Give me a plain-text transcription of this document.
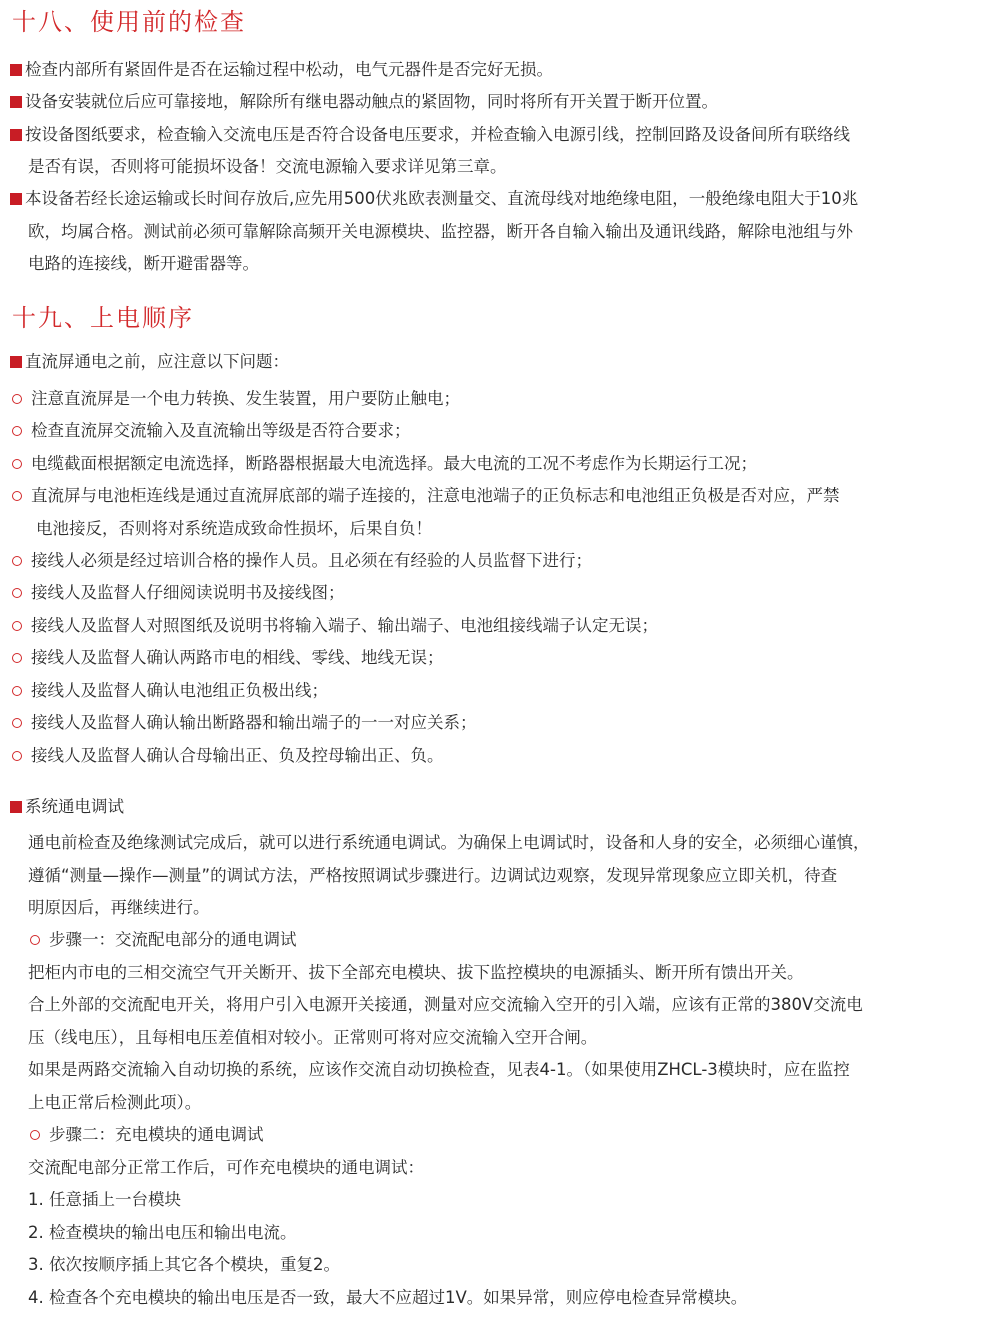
十八、使用前的检查

检查内部所有紧固件是否在运输过程中松动，电气元器件是否完好无损。

设备安装就位后应可靠接地，解除所有继电器动触点的紧固物，同时将所有开关置于断开位置。

按设备图纸要求，检查输入交流电压是否符合设备电压要求，并检查输入电源引线，控制回路及设备间所有联络线

是否有误，否则将可能损坏设备！交流电源输入要求详见第三章。

本设备若经长途运输或长时间存放后,应先用500伏兆欧表测量交、直流母线对地绝缘电阻，一般绝缘电阻大于10兆

欧，均属合格。测试前必须可靠解除高频开关电源模块、监控器，断开各自输入输出及通讯线路，解除电池组与外

电路的连接线，断开避雷器等。

十九、上电顺序

直流屏通电之前，应注意以下问题：

注意直流屏是一个电力转换、发生装置，用户要防止触电；

检查直流屏交流输入及直流输出等级是否符合要求；

电缆截面根据额定电流选择，断路器根据最大电流选择。最大电流的工况不考虑作为长期运行工况；

直流屏与电池柜连线是通过直流屏底部的端子连接的，注意电池端子的正负标志和电池组正负极是否对应，严禁

电池接反，否则将对系统造成致命性损坏，后果自负！

接线人必须是经过培训合格的操作人员。且必须在有经验的人员监督下进行；

接线人及监督人仔细阅读说明书及接线图；

接线人及监督人对照图纸及说明书将输入端子、输出端子、电池组接线端子认定无误；

接线人及监督人确认两路市电的相线、零线、地线无误；

接线人及监督人确认电池组正负极出线；

接线人及监督人确认输出断路器和输出端子的一一对应关系；

接线人及监督人确认合母输出正、负及控母输出正、负。

系统通电调试

通电前检查及绝缘测试完成后，就可以进行系统通电调试。为确保上电调试时，设备和人身的安全，必须细心谨慎，

遵循“测量—操作—测量”的调试方法，严格按照调试步骤进行。边调试边观察，发现异常现象应立即关机，待查

明原因后，再继续进行。

步骤一：交流配电部分的通电调试

把柜内市电的三相交流空气开关断开、拔下全部充电模块、拔下监控模块的电源插头、断开所有馈出开关。

合上外部的交流配电开关，将用户引入电源开关接通，测量对应交流输入空开的引入端，应该有正常的380V交流电

压（线电压），且每相电压差值相对较小。正常则可将对应交流输入空开合闸。

如果是两路交流输入自动切换的系统，应该作交流自动切换检查，见表4-1。（如果使用ZHCL-3模块时，应在监控

上电正常后检测此项）。

步骤二：充电模块的通电调试

交流配电部分正常工作后，可作充电模块的通电调试：

1. 任意插上一台模块

2. 检查模块的输出电压和输出电流。

3. 依次按顺序插上其它各个模块，重复2。

4. 检查各个充电模块的输出电压是否一致，最大不应超过1V。如果异常，则应停电检查异常模块。
